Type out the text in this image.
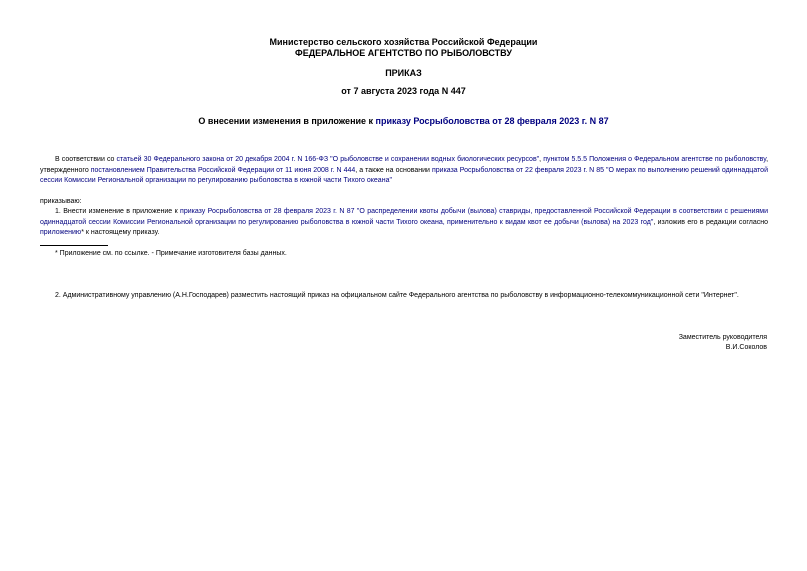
Министерство сельского хозяйства Российской Федерации
ФЕДЕРАЛЬНОЕ АГЕНТСТВО ПО РЫБОЛОВСТВУ
ПРИКАЗ
от 7 августа 2023 года N 447
О внесении изменения в приложение к приказу Росрыболовства от 28 февраля 2023 г. N 87
В соответствии со статьей 30 Федерального закона от 20 декабря 2004 г. N 166-ФЗ "О рыболовстве и сохранении водных биологических ресурсов", пунктом 5.5.5 Положения о Федеральном агентстве по рыболовству, утвержденного постановлением Правительства Российской Федерации от 11 июня 2008 г. N 444, а также на основании приказа Росрыболовства от 22 февраля 2023 г. N 85 "О мерах по выполнению решений одиннадцатой сессии Комиссии Региональной организации по регулированию рыболовства в южной части Тихого океана"
приказываю:
1. Внести изменение в приложение к приказу Росрыболовства от 28 февраля 2023 г. N 87 "О распределении квоты добычи (вылова) ставриды, предоставленной Российской Федерации в соответствии с решениями одиннадцатой сессии Комиссии Региональной организации по регулированию рыболовства в южной части Тихого океана, применительно к видам квот ее добычи (вылова) на 2023 год", изложив его в редакции согласно приложению* к настоящему приказу.
* Приложение см. по ссылке. - Примечание изготовителя базы данных.
2. Административному управлению (А.Н.Господарев) разместить настоящий приказ на официальном сайте Федерального агентства по рыболовству в информационно-телекоммуникационной сети "Интернет".
Заместитель руководителя
В.И.Соколов
